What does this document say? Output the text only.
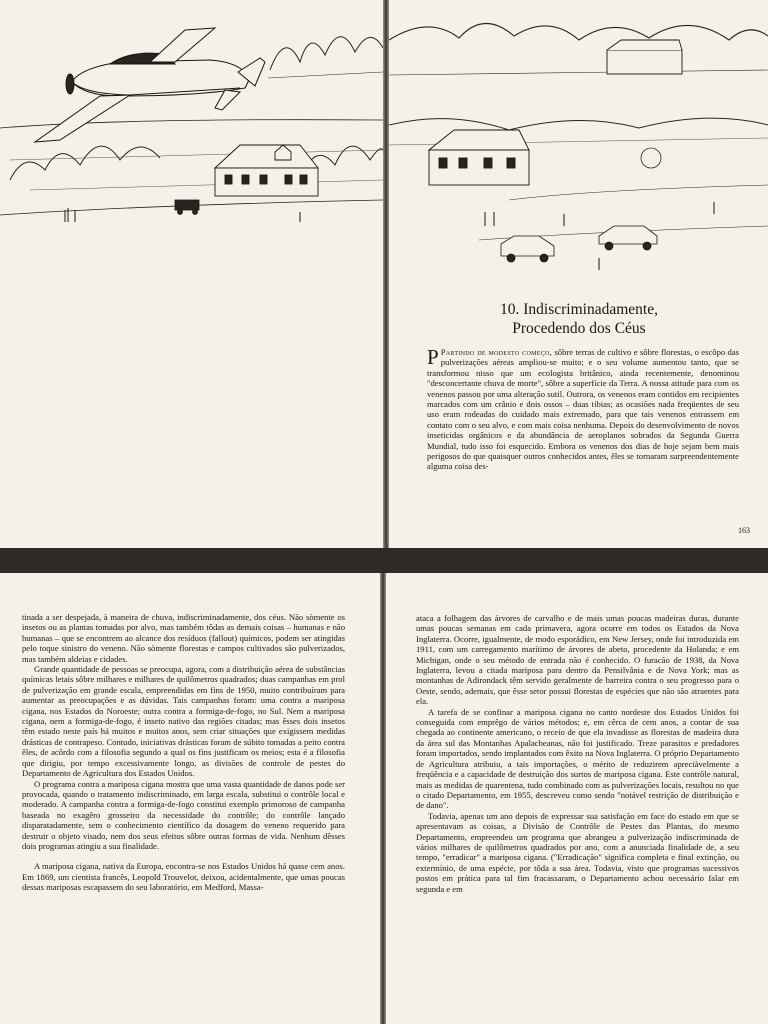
10. Indiscriminadamente,
Procedendo dos Céus
P Partindo de modesto começo, sôbre terras de cultivo e sôbre florestas, o escôpo das pulverizações aéreas ampliou-se muito; e o seu volume aumentou tanto, que se transformou nisso que um ecologista britânico, ainda recentemente, denominou "desconcertante chuva de morte", sôbre a superfície da Terra. A nossa atitude para com os venenos passou por uma alteração sutil. Outrora, os venenos eram contidos em recipientes marcados com um crânio e dois ossos – duas tíbias; as ocasiões nada freqüentes de seu uso eram rodeadas do cuidado mais extremado, para que tais venenos entrassem em contato com o seu alvo, e com mais coisa nenhuma. Depois do desenvolvimento de novos inseticidas orgânicos e da abundância de aeroplanos sobrados da Segunda Guerra Mundial, tudo isso foi esquecido. Embora os venenos dos dias de hoje sejam bem mais perigosos do que quaisquer outros conhecidos antes, êles se tornaram surpreendentemente alguma coisa des-
163

tinada a ser despejada, à maneira de chuva, indiscriminadamente, dos céus. Não sòmente os insetos ou as plantas tomadas por alvo, mas também tôdas as demais coisas – humanas e não humanas – que se encontrem ao alcance dos resíduos (fallout) químicos, podem ser atingidas pelo toque sinistro do veneno. Não sòmente florestas e campos cultivados são pulverizados, mas também aldeias e cidades.

Grande quantidade de pessoas se preocupa, agora, com a distribuição aérea de substâncias químicas letais sôbre milhares e milhares de quilômetros quadrados; duas campanhas em prol de pulverização em grande escala, empreendidas em fins de 1950, muito contribuíram para aumentar as preocupações e as dúvidas. Tais campanhas foram: uma contra a mariposa cigana, nos Estados do Noroeste; outra contra a formiga-de-fogo, no Sul. Nem a mariposa cigana, nem a formiga-de-fogo, é inseto nativo das regiões citadas; mas êsses dois insetos têm estado neste país há muitos e muitos anos, sem criar situações que exigissem medidas drásticas de contrapeso. Contudo, iniciativas drásticas foram de súbito tomadas a peito contra êles, de acôrdo com a filosofia segundo a qual os fins justificam os meios; esta é a filosofia que dirigiu, por tempo excessivamente longo, as divisões de controle de pestes do Departamento de Agricultura dos Estados Unidos.

O programa contra a mariposa cigana mostra que uma vasta quantidade de danos pode ser provocada, quando o tratamento indiscriminado, em larga escala, substitui o contrôle local e moderado. A campanha contra a formiga-de-fogo constitui exemplo primoroso de campanha baseada no exagêro grosseiro da necessidade do contrôle; do contrôle lançado disparatadamente, sem o conhecimento científico da dosagem do veneno requerido para destruir o objeto visado, nem dos seus efeitos sôbre outras formas de vida. Nenhum dêsses dois programas atingiu a sua finalidade.

A mariposa cigana, nativa da Europa, encontra-se nos Estados Unidos há quase cem anos. Em 1869, um cientista francês, Leopold Trouvelot, deixou, acidentalmente, que umas poucas dessas mariposas escapassem do seu laboratório, em Medford, Massa-

ataca a folhagem das árvores de carvalho e de mais umas poucas madeiras duras, durante umas poucas semanas em cada primavera, agora ocorre em todos os Estados da Nova Inglaterra. Ocorre, igualmente, de modo esporádico, em New Jersey, onde foi introduzida em 1911, com um carregamento marítimo de árvores de abeto, procedente da Holanda; e em Michigan, onde o seu método de entrada não é conhecido. O furacão de 1938, da Nova Inglaterra, levou a citada mariposa para dentro da Pensilvânia e de Nova York; mas as montanhas de Adirondack têm servido geralmente de barreira contra o seu progresso para o Oeste, sendo, ademais, que êsse setor possui florestas de espécies que não são atraentes para ela.

A tarefa de se confinar a mariposa cigana no canto nordeste dos Estados Unidos foi conseguida com emprêgo de vários métodos; e, em cêrca de cem anos, a contar de sua chegada ao continente americano, o receio de que ela invadisse as florestas de madeira dura da área sul das Montanhas Apalacheanas, não foi justificado. Treze parasitos e predadores foram importados, sendo implantados com êxito na Nova Inglaterra. O próprio Departamento de Agricultura atribuiu, a tais importações, o mérito de reduzirem apreciàvelmente a freqüência e a capacidade de destruição dos surtos de mariposa cigana. Este contrôle natural, mais as medidas de quarentena, tudo combinado com as pulverizações locais, resultou no que o citado Departamento, em 1955, descreveu como sendo "notável restrição de distribuição e de dano".

Todavia, apenas um ano depois de expressar sua satisfação em face do estado em que se apresentavam as coisas, a Divisão de Contrôle de Pestes das Plantas, do mesmo Departamento, empreendeu um programa que abrangeu a pulverização indiscriminada de vários milhares de quilômetros quadrados por ano, com a anunciada finalidade de, a seu tempo, "erradicar" a mariposa cigana. ("Erradicação" significa completa e final extinção, ou extermínio, de uma espécie, por tôda a sua área. Todavia, visto que programas sucessivos postos em prática para tal fim fracassaram, o Departamento achou necessário falar em segunda e em
